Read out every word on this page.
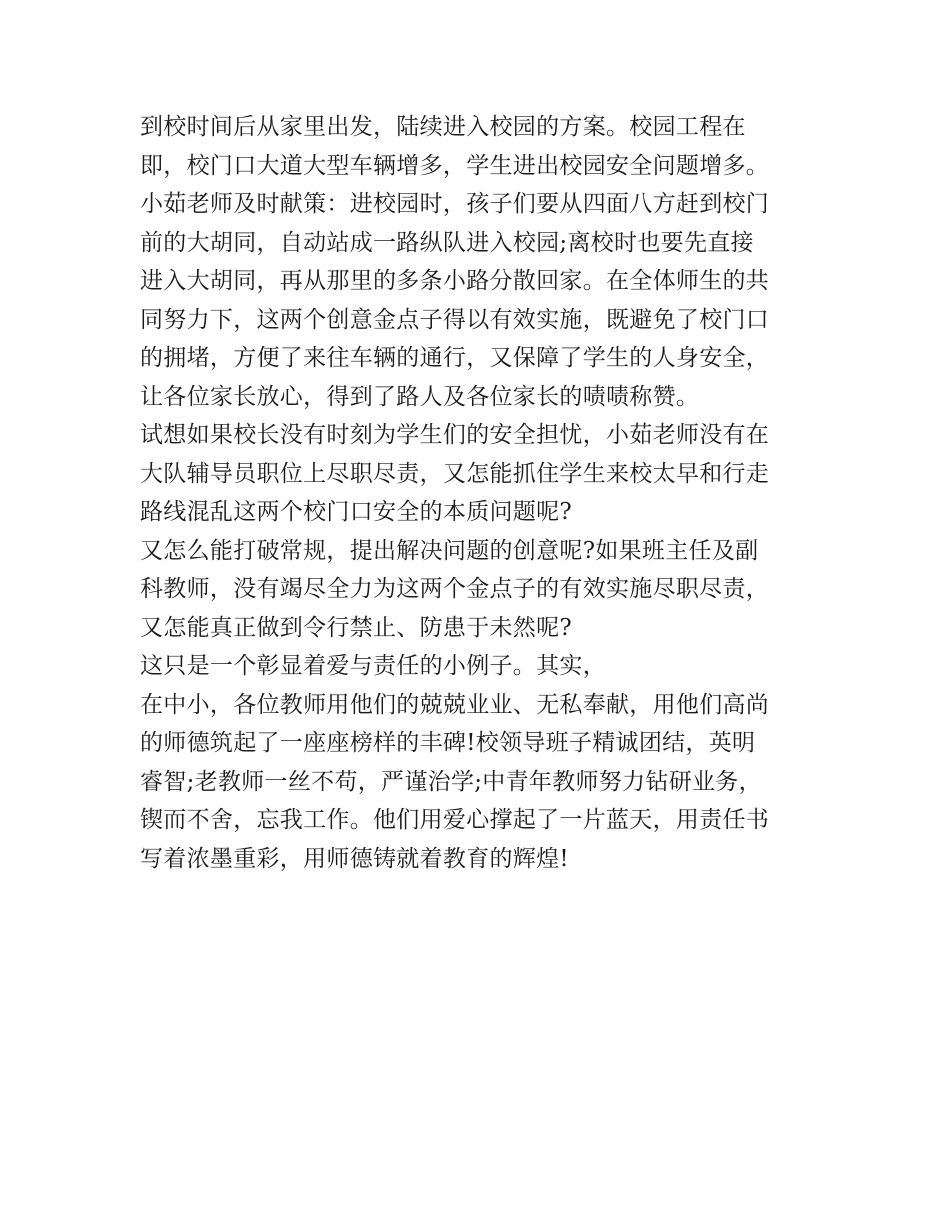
到校时间后从家里出发，陆续进入校园的方案。校园工程在
即，校门口大道大型车辆增多，学生进出校园安全问题增多。
小茹老师及时献策：进校园时，孩子们要从四面八方赶到校门
前的大胡同，自动站成一路纵队进入校园;离校时也要先直接
进入大胡同，再从那里的多条小路分散回家。在全体师生的共
同努力下，这两个创意金点子得以有效实施，既避免了校门口
的拥堵，方便了来往车辆的通行，又保障了学生的人身安全，
让各位家长放心，得到了路人及各位家长的啧啧称赞。
试想如果校长没有时刻为学生们的安全担忧，小茹老师没有在
大队辅导员职位上尽职尽责，又怎能抓住学生来校太早和行走
路线混乱这两个校门口安全的本质问题呢?
又怎么能打破常规，提出解决问题的创意呢?如果班主任及副
科教师，没有竭尽全力为这两个金点子的有效实施尽职尽责，
又怎能真正做到令行禁止、防患于未然呢?
这只是一个彰显着爱与责任的小例子。其实，
在中小，各位教师用他们的兢兢业业、无私奉献，用他们高尚
的师德筑起了一座座榜样的丰碑!校领导班子精诚团结，英明
睿智;老教师一丝不苟，严谨治学;中青年教师努力钻研业务，
锲而不舍，忘我工作。他们用爱心撑起了一片蓝天，用责任书
写着浓墨重彩，用师德铸就着教育的辉煌!
